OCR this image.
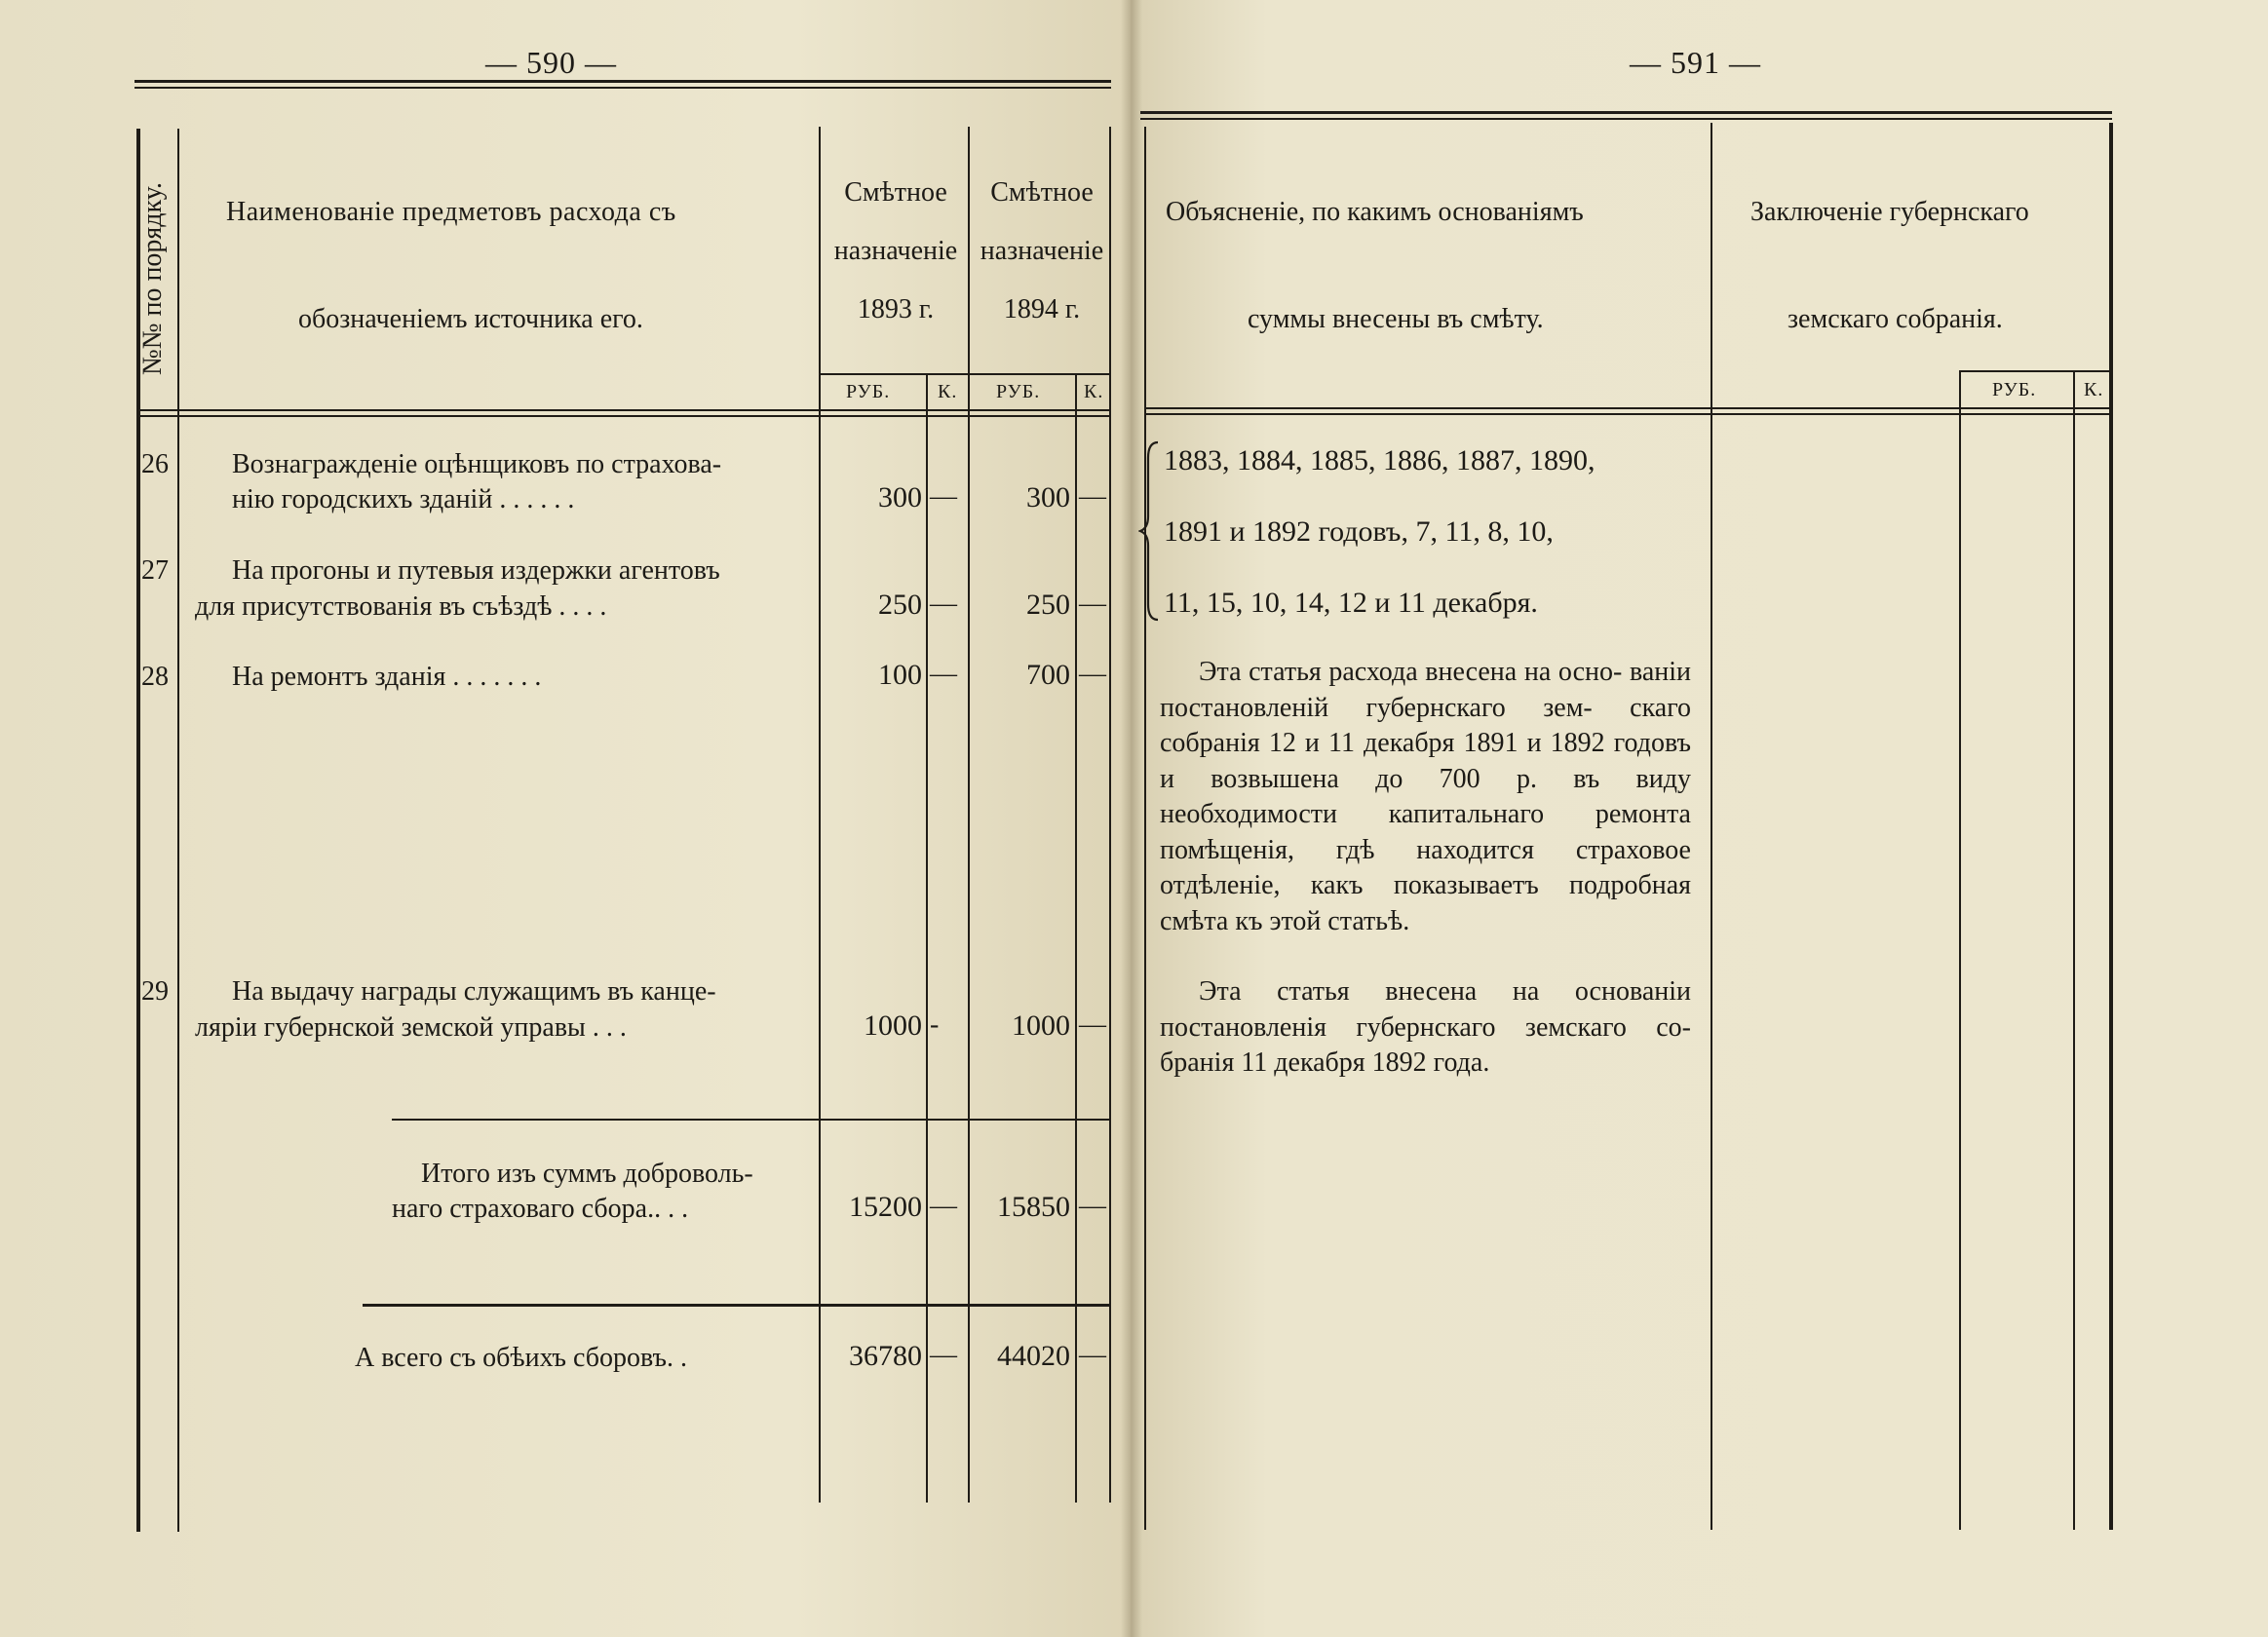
— 590 —
№№ по порядку. Наименованіе предметовъ расхода съ
обозначеніемъ источника его.
Смѣтное
назначеніе
1893 г.
Смѣтное
назначеніе
1894 г.
РУБ. К. РУБ. К.
26 Вознагражденіе оцѣнщиковъ по страхова-
нію городскихъ зданій . . . . . .	300 —	300 —
27 На прогоны и путевыя издержки агентовъ
для присутствованія въ съѣздѣ . . . .	250 —	250 —
28 На ремонтъ зданія . . . . . . .	100 —	700 —
29 На выдачу награды служащимъ въ канце-
ляріи губернской земской управы . . .	1000 -	1000 —
Итого изъ суммъ доброволь-
наго страховаго сбора.. . .	15200 —	15850 —
А всего съ обѣихъ сборовъ. .	36780 —	44020 —
— 591 —
Объясненіе, по какимъ основаніямъ
суммы внесены въ смѣту.
Заключеніе губернскаго
земскаго собранія.
РУБ. К.
1883, 1884, 1885, 1886, 1887, 1890,
1891 и 1892 годовъ, 7, 11, 8, 10,
11, 15, 10, 14, 12 и 11 декабря.
Эта статья расхода внесена на осно- ваніи постановленій губернскаго зем- скаго собранія 12 и 11 декабря 1891 и 1892 годовъ и возвышена до 700 р. въ виду необходимости капитальнаго ремонта помѣщенія, гдѣ находится страховое отдѣленіе, какъ показываетъ подробная смѣта къ этой статьѣ.
Эта статья внесена на основаніи постановленія губернскаго земскаго со- бранія 11 декабря 1892 года.
